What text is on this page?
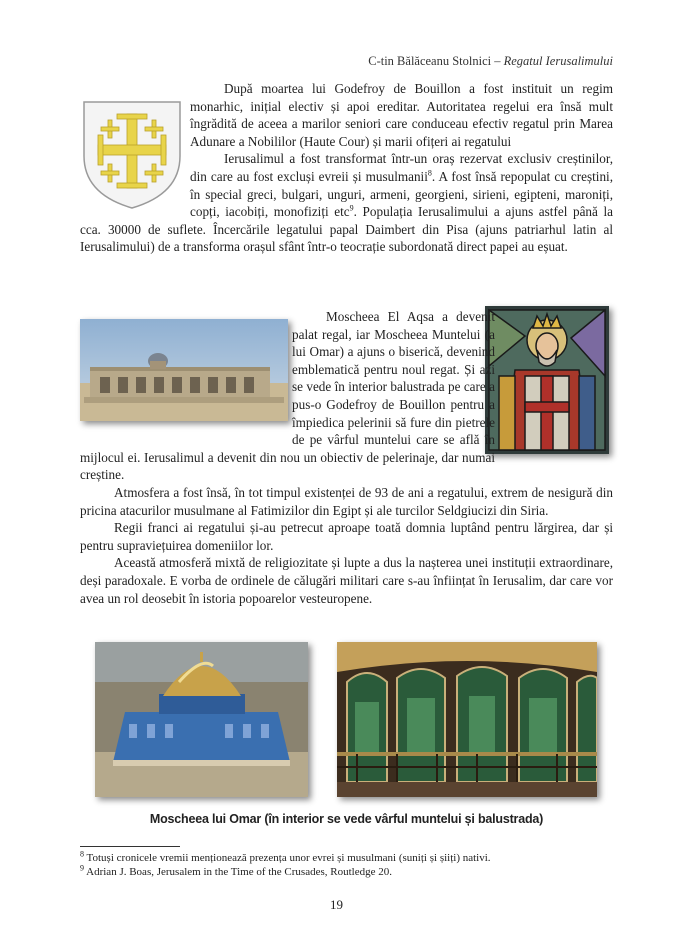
C-tin Bălăceanu Stolnici – Regatul Ierusalimului

După moartea lui Godefroy de Bouillon a fost instituit un regim monarhic, inițial electiv și apoi ereditar. Autoritatea regelui era însă mult îngrădită de aceea a marilor seniori care conduceau efectiv regatul prin Marea Adunare a Nobililor (Haute Cour) și marii ofițeri ai regatului

Ierusalimul a fost transformat într-un oraș rezervat exclusiv creștinilor, din care au fost excluși evreii și musulmanii$^8$. A fost însă repopulat cu creștini, în special greci, bulgari, unguri, armeni, georgieni, sirieni, egipteni, maroniți, copți, iacobiți, monofiziți etc$^9$. Populația Ierusalimului a ajuns astfel până la cca. 30000 de suflete. Încercările legatului papal Daimbert din Pisa (ajuns patriarhul latin al Ierusalimului) de a transforma orașul sfânt într-o teocrație subordonată direct papei au eșuat.

Moscheea El Aqsa a devenit palat regal, iar Moscheea Muntelui (a lui Omar) a ajuns o biserică, devenind emblematică pentru noul regat. Și azi se vede în interior balustrada pe care a pus-o Godefroy de Bouillon pentru a împiedica pelerinii să fure din pietrele de pe vârful muntelui care se află în mijlocul ei. Ierusalimul a devenit din nou un obiectiv de pelerinaje, dar numai creștine.

Atmosfera a fost însă, în tot timpul existenței de 93 de ani a regatului, extrem de nesigură din pricina atacurilor musulmane al Fatimizilor din Egipt și ale turcilor Seldgiucizi din Siria.

Regii franci ai regatului și-au petrecut aproape toată domnia luptând pentru lărgirea, dar și pentru supraviețuirea domeniilor lor.

Această atmosferă mixtă de religiozitate și lupte a dus la nașterea unei instituții extraordinare, deși paradoxale. E vorba de ordinele de călugări militari care s-au înființat în Ierusalim, dar care vor avea un rol deosebit în istoria popoarelor vesteuropene.

Moscheea lui Omar (în interior se vede vârful muntelui și balustrada)
$^8$ Totuși cronicele vremii menționează prezența unor evrei și musulmani (suniți și șiiți) nativi.
$^9$ Adrian J. Boas, Jerusalem in the Time of the Crusades, Routledge 20.
19
